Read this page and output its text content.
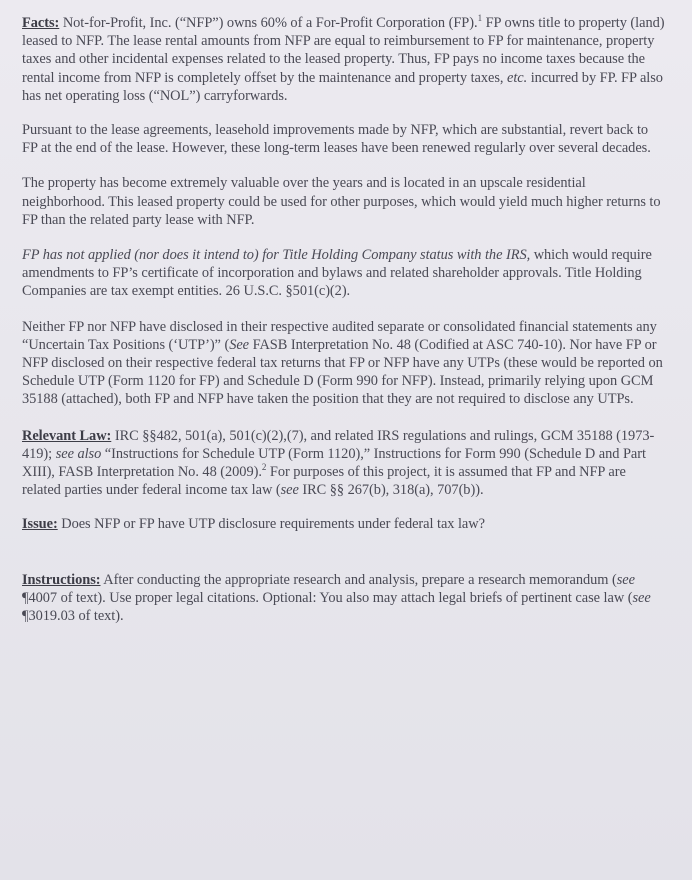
Facts: Not-for-Profit, Inc. (“NFP”) owns 60% of a For-Profit Corporation (FP).$^1$ FP owns title to property (land) leased to NFP. The lease rental amounts from NFP are equal to reimbursement to FP for maintenance, property taxes and other incidental expenses related to the leased property. Thus, FP pays no income taxes because the rental income from NFP is completely offset by the maintenance and property taxes, etc. incurred by FP. FP also has net operating loss (“NOL”) carryforwards.

Pursuant to the lease agreements, leasehold improvements made by NFP, which are substantial, revert back to FP at the end of the lease. However, these long-term leases have been renewed regularly over several decades.

The property has become extremely valuable over the years and is located in an upscale residential neighborhood. This leased property could be used for other purposes, which would yield much higher returns to FP than the related party lease with NFP.

FP has not applied (nor does it intend to) for Title Holding Company status with the IRS, which would require amendments to FP’s certificate of incorporation and bylaws and related shareholder approvals. Title Holding Companies are tax exempt entities. 26 U.S.C. §501(c)(2).

Neither FP nor NFP have disclosed in their respective audited separate or consolidated financial statements any “Uncertain Tax Positions (‘UTP’)” (See FASB Interpretation No. 48 (Codified at ASC 740-10). Nor have FP or NFP disclosed on their respective federal tax returns that FP or NFP have any UTPs (these would be reported on Schedule UTP (Form 1120 for FP) and Schedule D (Form 990 for NFP). Instead, primarily relying upon GCM 35188 (attached), both FP and NFP have taken the position that they are not required to disclose any UTPs.

Relevant Law: IRC §§482, 501(a), 501(c)(2),(7), and related IRS regulations and rulings, GCM 35188 (1973-419); see also “Instructions for Schedule UTP (Form 1120),” Instructions for Form 990 (Schedule D and Part XIII), FASB Interpretation No. 48 (2009).$^2$ For purposes of this project, it is assumed that FP and NFP are related parties under federal income tax law (see IRC §§ 267(b), 318(a), 707(b)).

Issue: Does NFP or FP have UTP disclosure requirements under federal tax law?

Instructions: After conducting the appropriate research and analysis, prepare a research memorandum (see ¶4007 of text). Use proper legal citations. Optional: You also may attach legal briefs of pertinent case law (see ¶3019.03 of text).
